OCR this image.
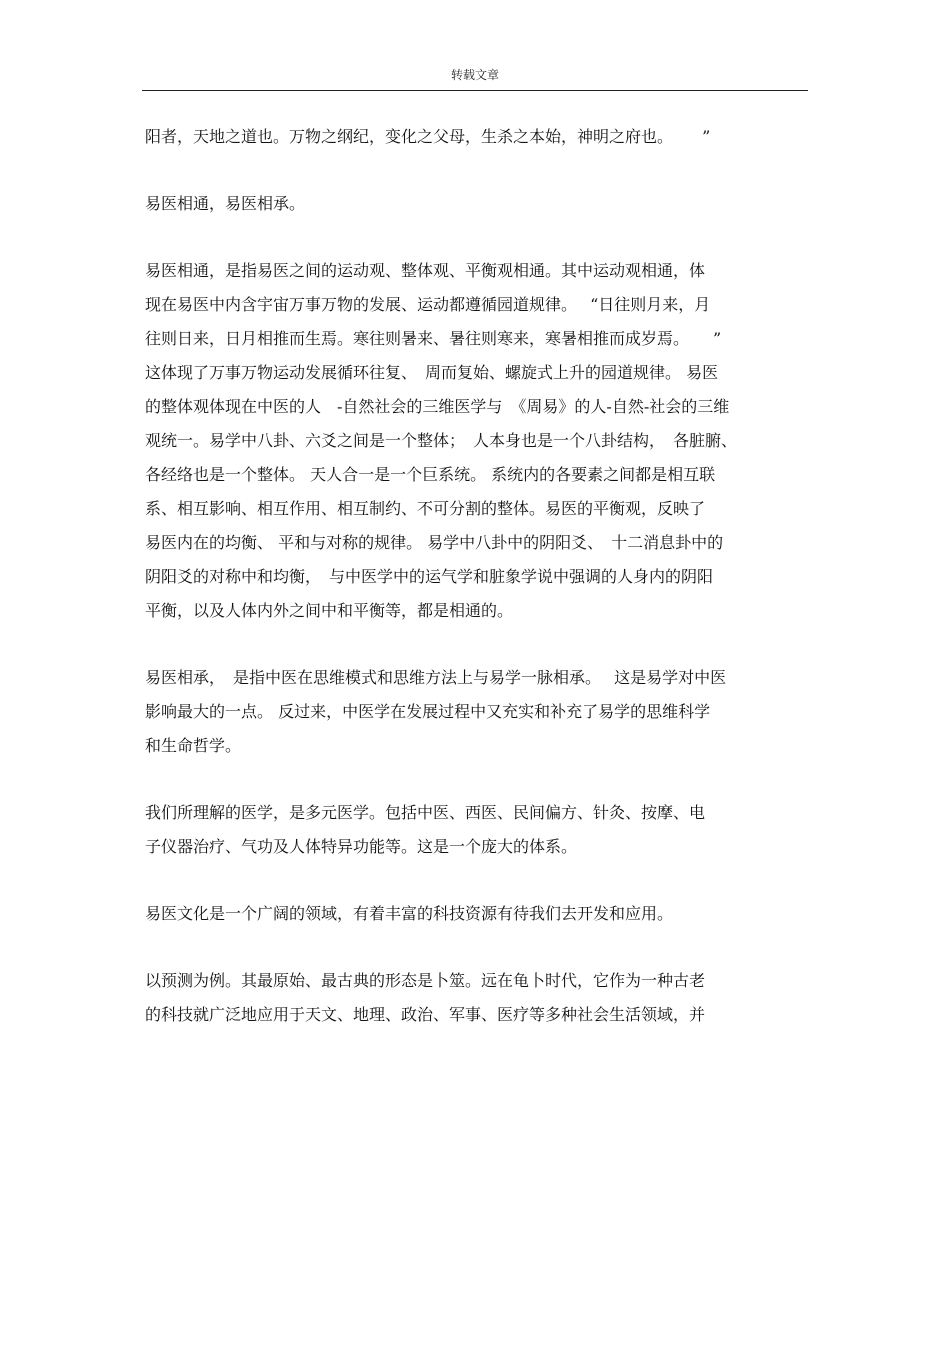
转载文章

阳者，天地之道也。万物之纲纪，变化之父母，生杀之本始，神明之府也。　　 ”

易医相通，易医相承。

易医相通，是指易医之间的运动观、整体观、平衡观相通。其中运动观相通，体
现在易医中内含宇宙万事万物的发展、运动都遵循园道规律。　 “日往则月来，月
往则日来，日月相推而生焉。寒往则暑来、暑往则寒来，寒暑相推而成岁焉。　　”
这体现了万事万物运动发展循环往复、　周而复始、螺旋式上升的园道规律。 易医
的整体观体现在中医的人　-自然社会的三维医学与　《周易》的人-自然-社会的三维
观统一。易学中八卦、六爻之间是一个整体；　人本身也是一个八卦结构，　各脏腑、
各经络也是一个整体。 天人合一是一个巨系统。 系统内的各要素之间都是相互联
系、相互影响、相互作用、相互制约、不可分割的整体。易医的平衡观，反映了
易医内在的均衡、 平和与对称的规律。 易学中八卦中的阴阳爻、　十二消息卦中的
阴阳爻的对称中和均衡，　与中医学中的运气学和脏象学说中强调的人身内的阴阳
平衡，以及人体内外之间中和平衡等，都是相通的。

易医相承，　是指中医在思维模式和思维方法上与易学一脉相承。　 这是易学对中医
影响最大的一点。 反过来，中医学在发展过程中又充实和补充了易学的思维科学
和生命哲学。

我们所理解的医学，是多元医学。包括中医、西医、民间偏方、针灸、按摩、电
子仪器治疗、气功及人体特异功能等。这是一个庞大的体系。

易医文化是一个广阔的领域，有着丰富的科技资源有待我们去开发和应用。

以预测为例。其最原始、最古典的形态是卜筮。远在龟卜时代，它作为一种古老
的科技就广泛地应用于天文、地理、政治、军事、医疗等多种社会生活领域，并
